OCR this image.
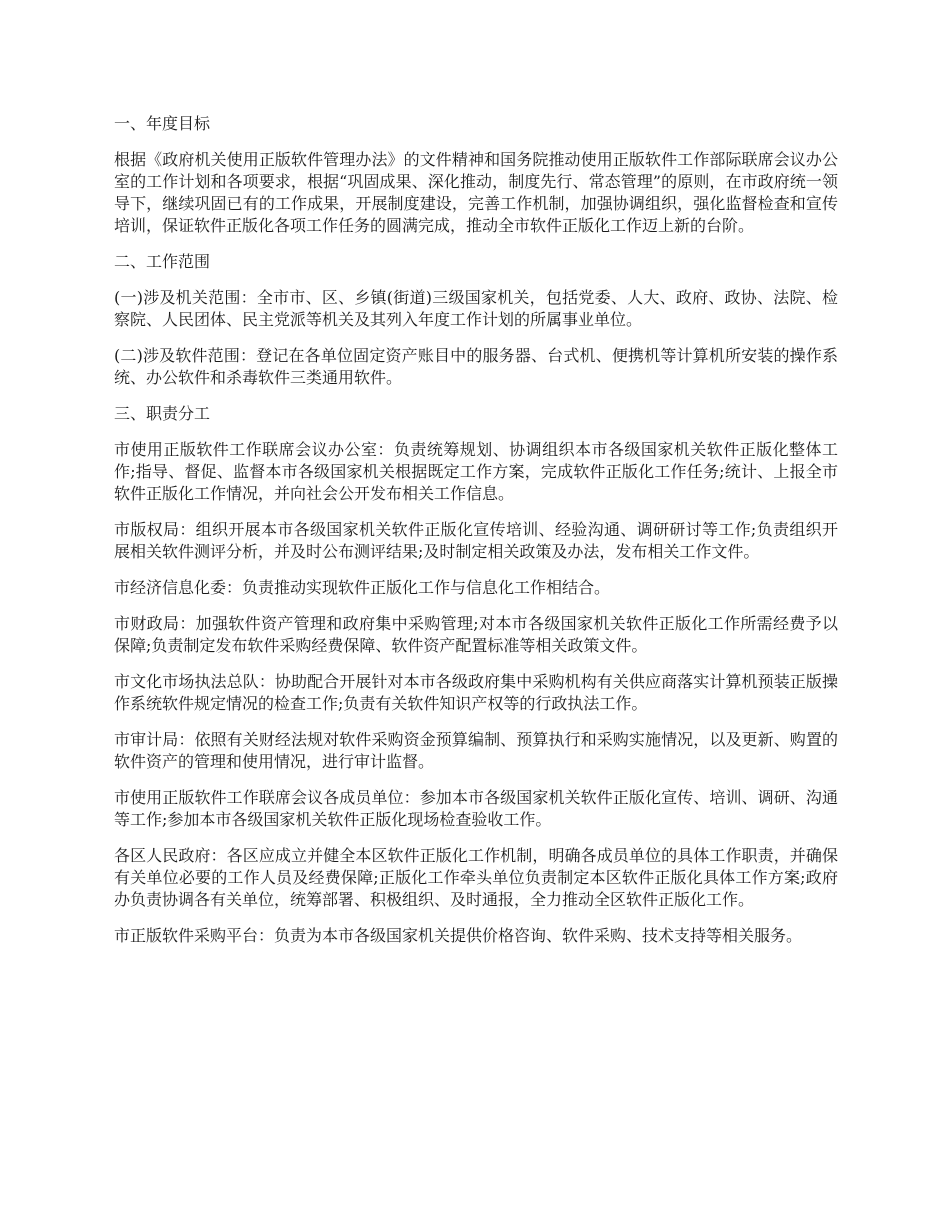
一、年度目标

根据《政府机关使用正版软件管理办法》的文件精神和国务院推动使用正版软件工作部际联席会议办公室的工作计划和各项要求，根据“巩固成果、深化推动，制度先行、常态管理”的原则，在市政府统一领导下，继续巩固已有的工作成果，开展制度建设，完善工作机制，加强协调组织，强化监督检查和宣传培训，保证软件正版化各项工作任务的圆满完成，推动全市软件正版化工作迈上新的台阶。

二、工作范围

(一)涉及机关范围：全市市、区、乡镇(街道)三级国家机关，包括党委、人大、政府、政协、法院、检察院、人民团体、民主党派等机关及其列入年度工作计划的所属事业单位。

(二)涉及软件范围：登记在各单位固定资产账目中的服务器、台式机、便携机等计算机所安装的操作系统、办公软件和杀毒软件三类通用软件。

三、职责分工

市使用正版软件工作联席会议办公室：负责统筹规划、协调组织本市各级国家机关软件正版化整体工作;指导、督促、监督本市各级国家机关根据既定工作方案，完成软件正版化工作任务;统计、上报全市软件正版化工作情况，并向社会公开发布相关工作信息。

市版权局：组织开展本市各级国家机关软件正版化宣传培训、经验沟通、调研研讨等工作;负责组织开展相关软件测评分析，并及时公布测评结果;及时制定相关政策及办法，发布相关工作文件。

市经济信息化委：负责推动实现软件正版化工作与信息化工作相结合。

市财政局：加强软件资产管理和政府集中采购管理;对本市各级国家机关软件正版化工作所需经费予以保障;负责制定发布软件采购经费保障、软件资产配置标准等相关政策文件。

市文化市场执法总队：协助配合开展针对本市各级政府集中采购机构有关供应商落实计算机预装正版操作系统软件规定情况的检查工作;负责有关软件知识产权等的行政执法工作。

市审计局：依照有关财经法规对软件采购资金预算编制、预算执行和采购实施情况，以及更新、购置的软件资产的管理和使用情况，进行审计监督。

市使用正版软件工作联席会议各成员单位：参加本市各级国家机关软件正版化宣传、培训、调研、沟通等工作;参加本市各级国家机关软件正版化现场检查验收工作。

各区人民政府：各区应成立并健全本区软件正版化工作机制，明确各成员单位的具体工作职责，并确保有关单位必要的工作人员及经费保障;正版化工作牵头单位负责制定本区软件正版化具体工作方案;政府办负责协调各有关单位，统筹部署、积极组织、及时通报，全力推动全区软件正版化工作。

市正版软件采购平台：负责为本市各级国家机关提供价格咨询、软件采购、技术支持等相关服务。
